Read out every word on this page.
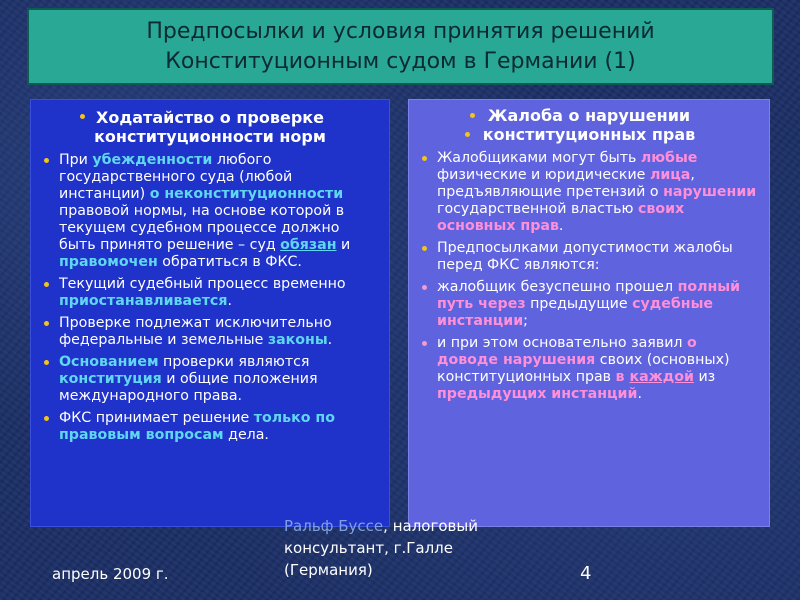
Предпосылки и условия принятия решений
Конституционным судом в Германии (1)
Ходатайство о проверке
конституционности норм
При убежденности любого государственного суда (любой инстанции) о неконституционности правовой нормы, на основе которой в текущем судебном процессе должно быть принято решение – суд обязан и правомочен обратиться в ФКС.
Текущий судебный процесс временно приостанавливается.
Проверке подлежат исключительно федеральные и земельные законы.
Основанием проверки являются конституция и общие положения международного права.
ФКС принимает решение только по правовым вопросам дела.
Жалоба о нарушении

конституционных прав
Жалобщиками могут быть любые физические и юридические лица, предъявляющие претензий о нарушении государственной властью своих основных прав.
Предпосылками допустимости жалобы перед ФКС являются:
жалобщик безуспешно прошел полный путь через предыдущие судебные инстанции;
и при этом основательно заявил о доводе нарушения своих (основных) конституционных прав в каждой из предыдущих инстанций.
апрель 2009 г.
Ральф Буссе, налоговый
консультант, г.Галле
(Германия)	4
